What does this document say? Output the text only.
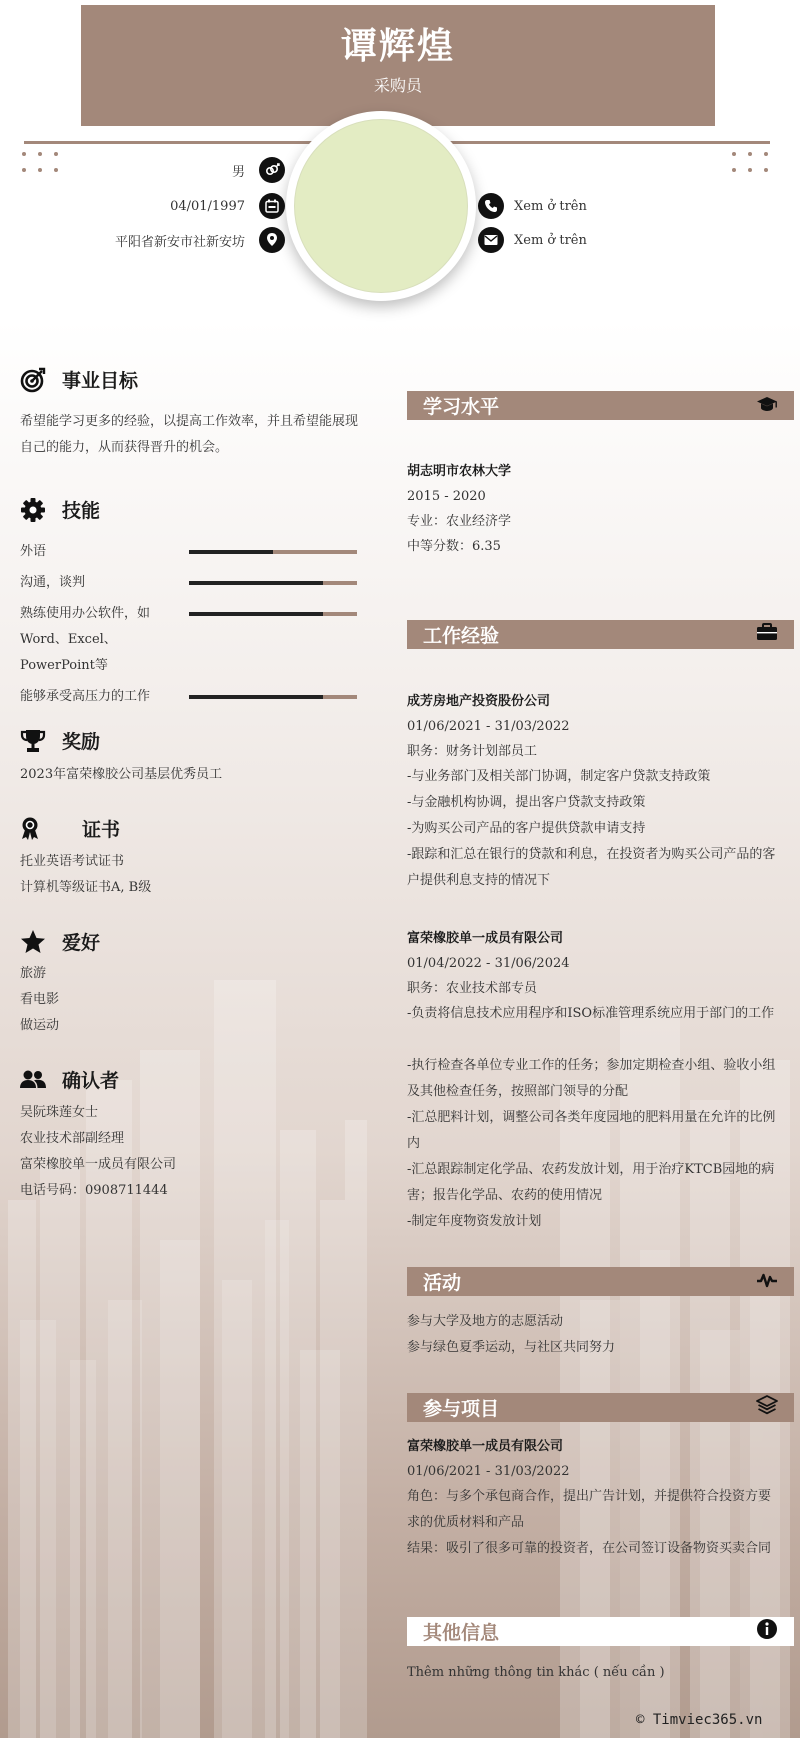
谭辉煌
采购员
男
04/01/1997
平阳省新安市社新安坊
Xem ở trên
Xem ở trên
事业目标
希望能学习更多的经验，以提高工作效率，并且希望能展现自己的能力，从而获得晋升的机会。
技能
外语
沟通，谈判
熟练使用办公软件，如Word、Excel、PowerPoint等
能够承受高压力的工作
奖励
2023年富荣橡胶公司基层优秀员工
证书
托业英语考试证书
计算机等级证书A, B级
爱好
旅游
看电影
做运动
确认者
吴阮珠莲女士
农业技术部副经理
富荣橡胶单一成员有限公司
电话号码：0908711444
学习水平
胡志明市农林大学
2015 - 2020
专业：农业经济学
中等分数：6.35
工作经验
成芳房地产投资股份公司
01/06/2021 - 31/03/2022
职务：财务计划部员工
-与业务部门及相关部门协调，制定客户贷款支持政策
-与金融机构协调，提出客户贷款支持政策
-为购买公司产品的客户提供贷款申请支持
-跟踪和汇总在银行的贷款和利息，在投资者为购买公司产品的客户提供利息支持的情况下
富荣橡胶单一成员有限公司
01/04/2022 - 31/06/2024
职务：农业技术部专员
-负责将信息技术应用程序和ISO标准管理系统应用于部门的工作
-执行检查各单位专业工作的任务；参加定期检查小组、验收小组及其他检查任务，按照部门领导的分配
-汇总肥料计划，调整公司各类年度园地的肥料用量在允许的比例内
-汇总跟踪制定化学品、农药发放计划，用于治疗KTCB园地的病害；报告化学品、农药的使用情况
-制定年度物资发放计划
活动
参与大学及地方的志愿活动
参与绿色夏季运动，与社区共同努力
参与项目
富荣橡胶单一成员有限公司
01/06/2021 - 31/03/2022
角色：与多个承包商合作，提出广告计划，并提供符合投资方要求的优质材料和产品
结果：吸引了很多可靠的投资者，在公司签订设备物资买卖合同
其他信息
Thêm những thông tin khác ( nếu cần )
© Timviec365.vn
